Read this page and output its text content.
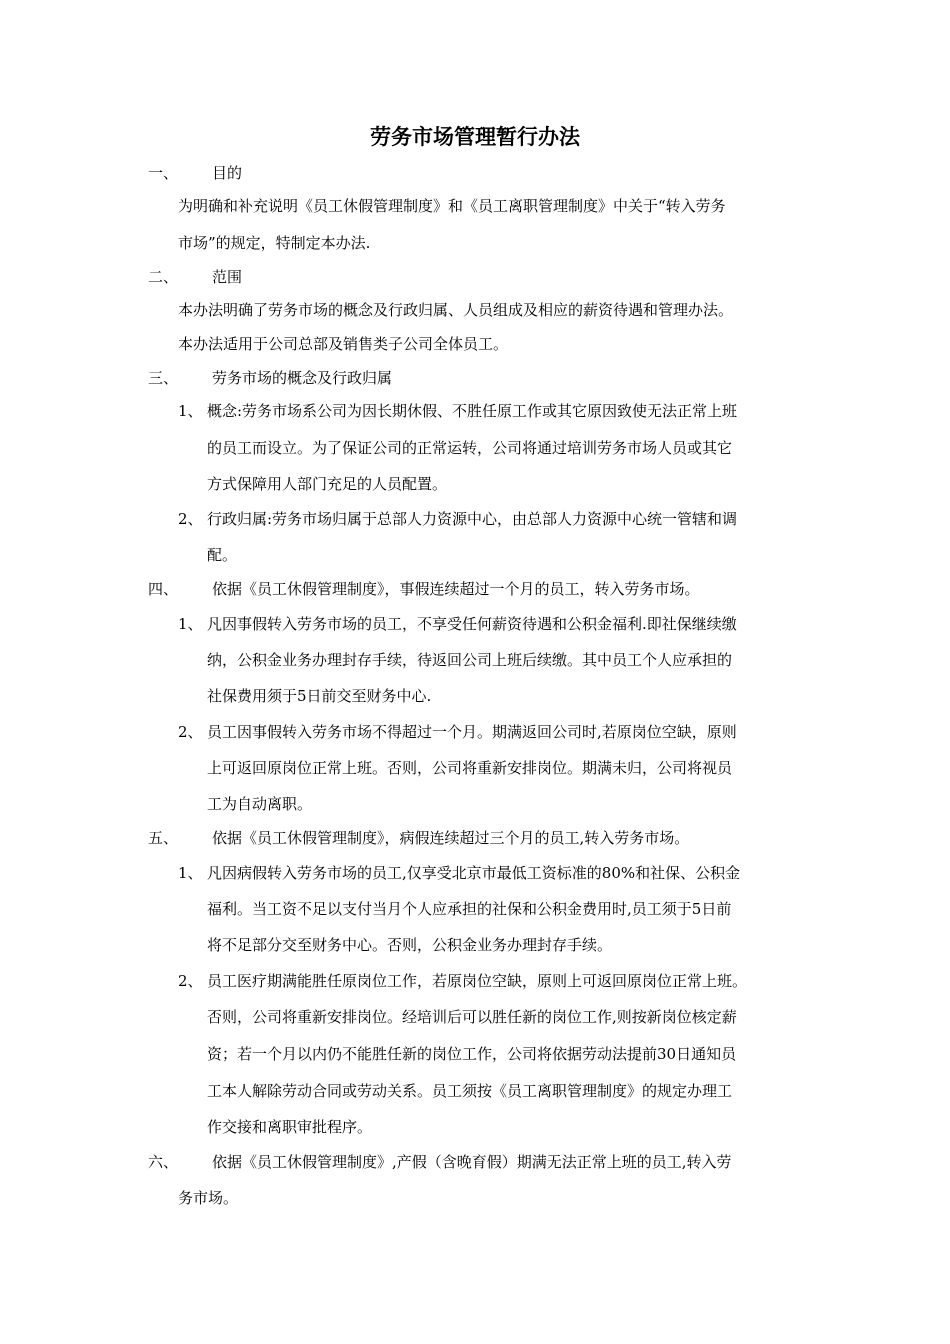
劳务市场管理暂行办法
一、 目的
为明确和补充说明《员工休假管理制度》和《员工离职管理制度》中关于“转入劳务
市场”的规定，特制定本办法.
二、 范围
本办法明确了劳务市场的概念及行政归属、人员组成及相应的薪资待遇和管理办法。
本办法适用于公司总部及销售类子公司全体员工。
三、 劳务市场的概念及行政归属
1、 概念:劳务市场系公司为因长期休假、不胜任原工作或其它原因致使无法正常上班
的员工而设立。为了保证公司的正常运转，公司将通过培训劳务市场人员或其它
方式保障用人部门充足的人员配置。
2、 行政归属:劳务市场归属于总部人力资源中心，由总部人力资源中心统一管辖和调
配。
四、 依据《员工休假管理制度》，事假连续超过一个月的员工，转入劳务市场。
1、 凡因事假转入劳务市场的员工，不享受任何薪资待遇和公积金福利.即社保继续缴
纳，公积金业务办理封存手续，待返回公司上班后续缴。其中员工个人应承担的
社保费用须于5日前交至财务中心.
2、 员工因事假转入劳务市场不得超过一个月。期满返回公司时,若原岗位空缺，原则
上可返回原岗位正常上班。否则，公司将重新安排岗位。期满未归，公司将视员
工为自动离职。
五、 依据《员工休假管理制度》，病假连续超过三个月的员工,转入劳务市场。
1、 凡因病假转入劳务市场的员工,仅享受北京市最低工资标准的80%和社保、公积金
福利。当工资不足以支付当月个人应承担的社保和公积金费用时,员工须于5日前
将不足部分交至财务中心。否则，公积金业务办理封存手续。
2、 员工医疗期满能胜任原岗位工作，若原岗位空缺，原则上可返回原岗位正常上班。
否则，公司将重新安排岗位。经培训后可以胜任新的岗位工作,则按新岗位核定薪
资；若一个月以内仍不能胜任新的岗位工作，公司将依据劳动法提前30日通知员
工本人解除劳动合同或劳动关系。员工须按《员工离职管理制度》的规定办理工
作交接和离职审批程序。
六、 依据《员工休假管理制度》,产假（含晚育假）期满无法正常上班的员工,转入劳
务市场。
